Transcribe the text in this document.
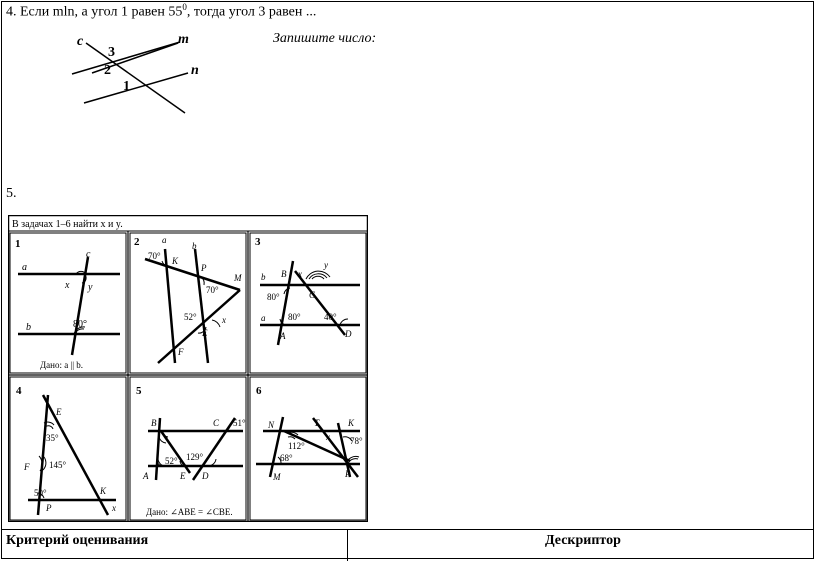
4. Если mln, а угол 1 равен $55^0$, тогда угол 3 равен ...
Запишите число:
c	m
n
3
2
1
5.
В задачах 1–6 найти x и y.
1
a
c
x y
b	80°
Дано: a || b.
2	a
b
70° K
P
M
70°
52°
E
x
F
3
y
b B x
C
80°
a	80°	40°
A	D
4
E
35°
F 145°
50°	K
P	x
5
B	C 51°
52° 129°
A	E D
Дано: ∠ABE = ∠CBE.
6
N	T	K
x 78°
112°
68°
M	P
Критерий оценивания	Дескриптор
